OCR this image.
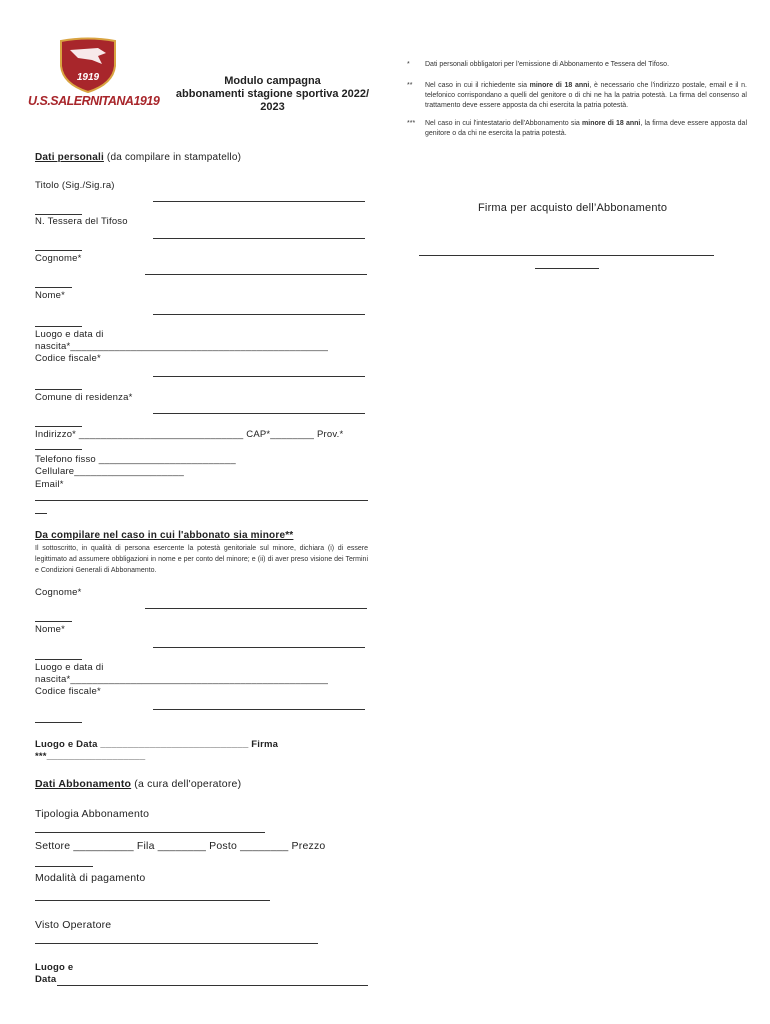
1919
U.S.SALERNITANA1919
Modulo campagna
abbonamenti stagione sportiva 2022/
2023
* Dati personali obbligatori per l'emissione di Abbonamento e Tessera del Tifoso.
** Nel caso in cui il richiedente sia minore di 18 anni, è necessario che l'indirizzo postale, email e il n. telefonico corrispondano a quelli del genitore o di chi ne ha la patria potestà. La firma del consenso al trattamento deve essere apposta da chi esercita la patria potestà.
*** Nel caso in cui l'intestatario dell'Abbonamento sia minore di 18 anni, la firma deve essere apposta dal genitore o da chi ne esercita la patria potestà.
Dati personali (da compilare in stampatello)
Titolo (Sig./Sig.ra)
N. Tessera del Tifoso
Cognome*
Nome*
Luogo e data di
nascita*_______________________________________________
Codice fiscale*
Comune di residenza*
Indirizzo* ______________________________ CAP*________ Prov.*
Telefono fisso _________________________
Cellulare____________________
Email*
Firma per acquisto dell’Abbonamento
Da compilare nel caso in cui l'abbonato sia minore**
Il sottoscritto, in qualità di persona esercente la potestà genitoriale sul minore, dichiara (i) di essere legittimato ad assumere obbligazioni in nome e per conto del minore; e (ii) di aver preso visione dei Termini e Condizioni Generali di Abbonamento.
Cognome*
Nome*
Luogo e data di
nascita*_______________________________________________
Codice fiscale*
Luogo e Data ___________________________ Firma
***__________________
Dati Abbonamento (a cura dell'operatore)
Tipologia Abbonamento
Settore __________ Fila ________ Posto ________ Prezzo
Modalità di pagamento
Visto Operatore
Luogo e
Data
